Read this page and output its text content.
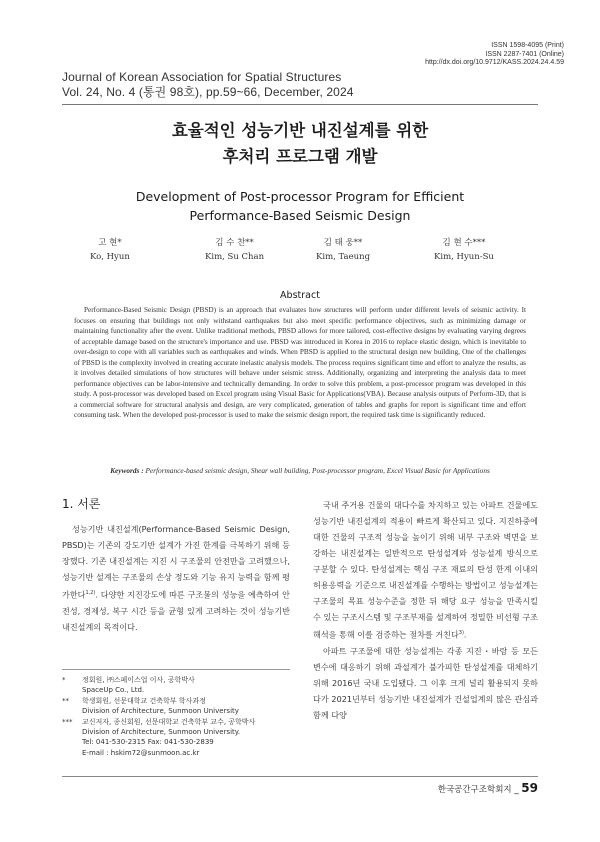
ISSN 1598-4095 (Print)
ISSN 2287-7401 (Online)
http://dx.doi.org/10.9712/KASS.2024.24.4.59
Journal of Korean Association for Spatial Structures
Vol. 24, No. 4 (통권 98호), pp.59~66, December, 2024
효율적인 성능기반 내진설계를 위한
후처리 프로그램 개발
Development of Post-processor Program for Efficient
Performance-Based Seismic Design
고 현*
Ko, Hyun
김 수 찬**
Kim, Su Chan
김 태 웅**
Kim, Taeung
김 현 수***
Kim, Hyun-Su
Abstract
Performance-Based Seismic Design (PBSD) is an approach that evaluates how structures will perform under different levels of seismic activity. It focuses on ensuring that buildings not only withstand earthquakes but also meet specific performance objectives, such as minimizing damage or maintaining functionality after the event. Unlike traditional methods, PBSD allows for more tailored, cost-effective designs by evaluating varying degrees of acceptable damage based on the structure's importance and use. PBSD was introduced in Korea in 2016 to replace elastic design, which is inevitable to over-design to cope with all variables such as earthquakes and winds. When PBSD is applied to the structural design new building, One of the challenges of PBSD is the complexity involved in creating accurate inelastic analysis models. The process requires significant time and effort to analyze the results, as it involves detailed simulations of how structures will behave under seismic stress. Additionally, organizing and interpreting the analysis data to meet performance objectives can be labor-intensive and technically demanding. In order to solve this problem, a post-processor program was developed in this study. A post-processor was developed based on Excel program using Visual Basic for Applications(VBA). Because analysis outputs of Perform-3D, that is a commercial software for structural analysis and design, are very complicated, generation of tables and graphs for report is significant time and effort consuming task. When the developed post-processor is used to make the seismic design report, the required task time is significantly reduced.
Keywords : Performance-based seismic design, Shear wall building, Post-processor program, Excel Visual Basic for Applications
1. 서론

성능기반 내진설계(Performance-Based Seismic Design, PBSD)는 기존의 강도기반 설계가 가진 한계를 극복하기 위해 등장했다. 기존 내진설계는 지진 시 구조물의 안전만을 고려했으나, 성능기반 설계는 구조물의 손상 정도와 기능 유지 능력을 함께 평가한다$^{1,2)}$. 다양한 지진강도에 따른 구조물의 성능을 예측하여 안전성, 경제성, 복구 시간 등을 균형 있게 고려하는 것이 성능기반 내진설계의 목적이다.

*	정회원, ㈜스페이스업 이사, 공학박사
SpaceUp Co., Ltd.
**	학생회원, 선문대학교 건축학부 학사과정
Division of Architecture, Sunmoon University
***	교신저자, 종신회원, 선문대학교 건축학부 교수, 공학박사
Division of Architecture, Sunmoon University.
Tel: 041-530-2315 Fax: 041-530-2839
E-mail : hskim72@sunmoon.ac.kr

국내 주거용 건물의 대다수를 차지하고 있는 아파트 건물에도 성능기반 내진설계의 적용이 빠르게 확산되고 있다. 지진하중에 대한 건물의 구조적 성능을 높이기 위해 내부 구조와 벽면을 보강하는 내진설계는 일반적으로 탄성설계와 성능설계 방식으로 구분할 수 있다. 탄성설계는 핵심 구조 재료의 탄성 한계 이내의 허용응력을 기준으로 내진설계를 수행하는 방법이고 성능설계는 구조물의 목표 성능수준을 정한 뒤 해당 요구 성능을 만족시킬 수 있는 구조시스템 및 구조부재를 설계하여 정밀한 비선형 구조해석을 통해 이를 검증하는 절차를 거친다$^{3)}$.

아파트 구조물에 대한 성능설계는 각종 지진・바람 등 모든 변수에 대응하기 위해 과설계가 불가피한 탄성설계를 대체하기 위해 2016년 국내 도입됐다. 그 이후 크게 널리 활용되지 못하다가 2021년부터 성능기반 내진설계가 건설업계의 많은 관심과 함께 다양

한국공간구조학회지 _ 59
